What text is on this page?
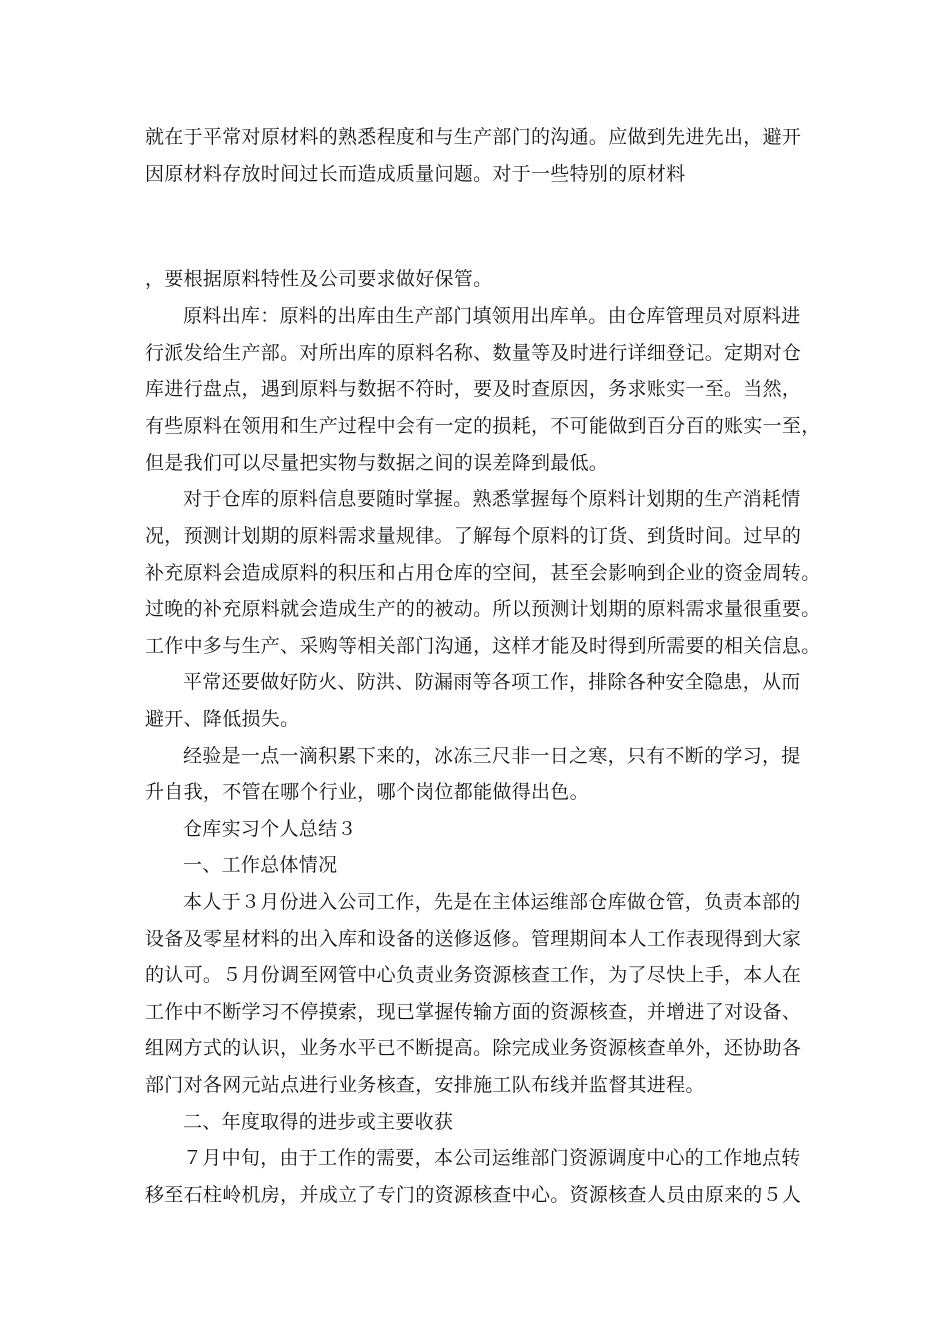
就在于平常对原材料的熟悉程度和与生产部门的沟通。应做到先进先出，避开
因原材料存放时间过长而造成质量问题。对于一些特别的原材料
，要根据原料特性及公司要求做好保管。
原料出库：原料的出库由生产部门填领用出库单。由仓库管理员对原料进
行派发给生产部。对所出库的原料名称、数量等及时进行详细登记。定期对仓
库进行盘点，遇到原料与数据不符时，要及时查原因，务求账实一至。当然，
有些原料在领用和生产过程中会有一定的损耗，不可能做到百分百的账实一至，
但是我们可以尽量把实物与数据之间的误差降到最低。
对于仓库的原料信息要随时掌握。熟悉掌握每个原料计划期的生产消耗情
况，预测计划期的原料需求量规律。了解每个原料的订货、到货时间。过早的
补充原料会造成原料的积压和占用仓库的空间，甚至会影响到企业的资金周转。
过晚的补充原料就会造成生产的的被动。所以预测计划期的原料需求量很重要。
工作中多与生产、采购等相关部门沟通，这样才能及时得到所需要的相关信息。
平常还要做好防火、防洪、防漏雨等各项工作，排除各种安全隐患，从而
避开、降低损失。
经验是一点一滴积累下来的，冰冻三尺非一日之寒，只有不断的学习，提
升自我，不管在哪个行业，哪个岗位都能做得出色。
仓库实习个人总结３
一、工作总体情况
本人于３月份进入公司工作，先是在主体运维部仓库做仓管，负责本部的
设备及零星材料的出入库和设备的送修返修。管理期间本人工作表现得到大家
的认可。５月份调至网管中心负责业务资源核查工作，为了尽快上手，本人在
工作中不断学习不停摸索，现已掌握传输方面的资源核查，并增进了对设备、
组网方式的认识，业务水平已不断提高。除完成业务资源核查单外，还协助各
部门对各网元站点进行业务核查，安排施工队布线并监督其进程。
二、年度取得的进步或主要收获
７月中旬，由于工作的需要，本公司运维部门资源调度中心的工作地点转
移至石柱岭机房，并成立了专门的资源核查中心。资源核查人员由原来的５人
